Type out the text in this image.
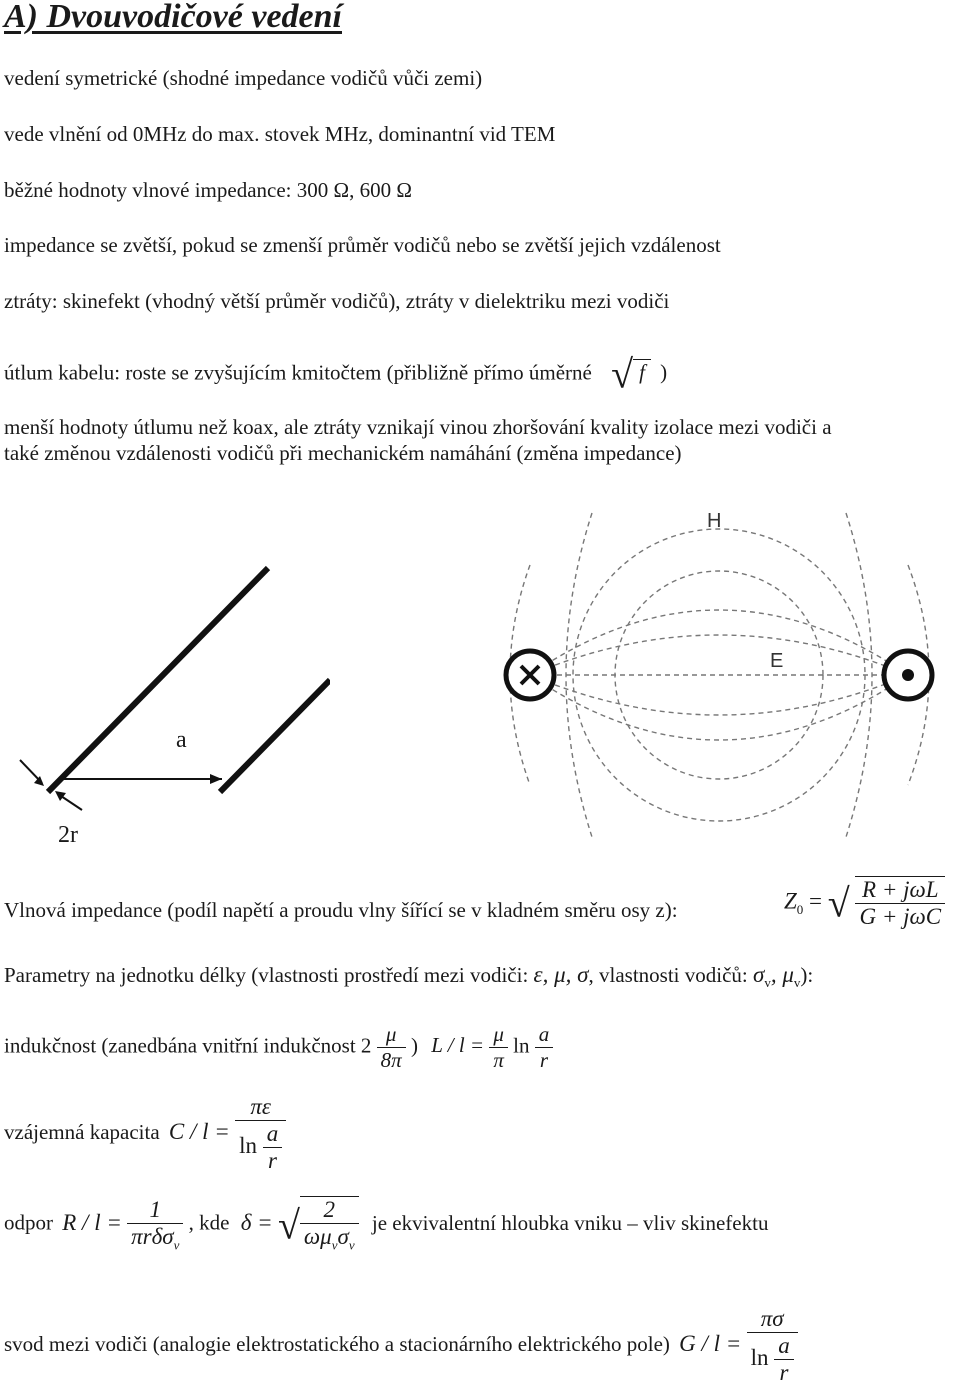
A) Dvouvodičové vedení
vedení symetrické (shodné impedance vodičů vůči zemi)
vede vlnění od 0MHz do max. stovek MHz, dominantní vid TEM
běžné hodnoty vlnové impedance: 300 Ω, 600 Ω
impedance se zvětší, pokud se zmenší průměr vodičů nebo se zvětší jejich vzdálenost
ztráty: skinefekt (vhodný větší průměr vodičů), ztráty v dielektriku mezi vodiči
útlum kabelu: roste se zvyšujícím kmitočtem (přibližně přímo úměrné √ f )
menší hodnoty útlumu než koax, ale ztráty vznikají vinou zhoršování kvality izolace mezi vodiči a
také změnou vzdálenosti vodičů při mechanickém namáhání (změna impedance)
a
2r
H
E
Vlnová impedance (podíl napětí a proudu vlny šířící se v kladném směru osy z):	$Z_0$ = √ $\frac{\text{R + jωL}}{\text{G + jωC}}$
Parametry na jednotku délky (vlastnosti prostředí mezi vodiči: ε, μ, σ, vlastnosti vodičů: $\sigma_v$, $\mu_v$):
indukčnost (zanedbána vnitřní indukčnost $2 \frac{\mu}{8\pi}$ ) $L / l = \frac{\mu}{\pi}$ $\ln \frac{a}{r}$
vzájemná kapacita $C / l = \frac{\pi\varepsilon}{\ln \frac{a}{r}}$
odpor $R / l = \frac{1}{\pi r\delta\sigma_v}$ , kde δ = √ $\frac{2}{\omega\mu_v\sigma_v}$ je ekvivalentní hloubka vniku – vliv skinefektu
svod mezi vodiči (analogie elektrostatického a stacionárního elektrického pole) $G / l = \frac{\pi\sigma}{\ln \frac{a}{r}}$
